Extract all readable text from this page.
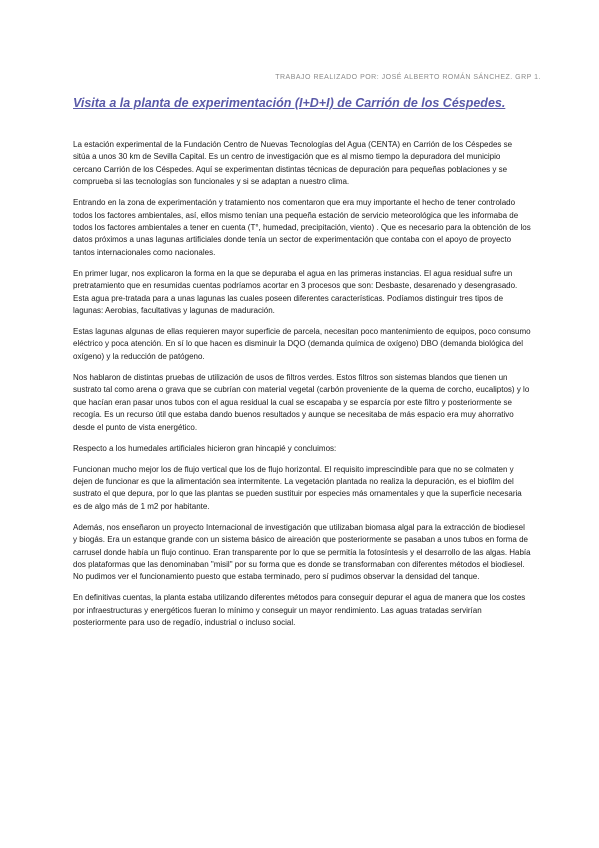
TRABAJO REALIZADO POR: JOSÉ ALBERTO ROMÁN SÁNCHEZ. GRP 1.
Visita a la planta de experimentación (I+D+I) de Carrión de los Céspedes.

La estación experimental de la Fundación Centro de Nuevas Tecnologías del Agua (CENTA) en Carrión de los Céspedes se sitúa a unos 30 km de Sevilla Capital. Es un centro de investigación que es al mismo tiempo la depuradora del municipio cercano Carrión de los Céspedes. Aquí se experimentan distintas técnicas de depuración para pequeñas poblaciones y se comprueba si las tecnologías son funcionales y si se adaptan a nuestro clima.

Entrando en la zona de experimentación y tratamiento nos comentaron que era muy importante el hecho de tener controlado todos los factores ambientales, así, ellos mismo tenían una pequeña estación de servicio meteorológica que les informaba de todos los factores ambientales a tener en cuenta (T°, humedad, precipitación, viento) . Que es necesario para la obtención de los datos próximos a unas lagunas artificiales donde tenía un sector de experimentación que contaba con el apoyo de proyecto tantos internacionales como nacionales.

En primer lugar, nos explicaron la forma en la que se depuraba el agua en las primeras instancias. El agua residual sufre un pretratamiento que en resumidas cuentas podríamos acortar en 3 procesos que son: Desbaste, desarenado y desengrasado. Esta agua pre-tratada para a unas lagunas las cuales poseen diferentes características. Podíamos distinguir tres tipos de lagunas: Aerobias, facultativas y lagunas de maduración.

Estas lagunas algunas de ellas requieren mayor superficie de parcela, necesitan poco mantenimiento de equipos, poco consumo eléctrico y poca atención. En sí lo que hacen es disminuir la DQO (demanda química de oxígeno) DBO (demanda biológica del oxígeno) y la reducción de patógeno.

Nos hablaron de distintas pruebas de utilización de usos de filtros verdes. Estos filtros son sistemas blandos que tienen un sustrato tal como arena o grava que se cubrían con material vegetal (carbón proveniente de la quema de corcho, eucaliptos) y lo que hacían eran pasar unos tubos con el agua residual la cual se escapaba y se esparcía por este filtro y posteriormente se recogía. Es un recurso útil que estaba dando buenos resultados y aunque se necesitaba de más espacio era muy ahorrativo desde el punto de vista energético.

Respecto a los humedales artificiales hicieron gran hincapié y concluimos:

Funcionan mucho mejor los de flujo vertical que los de flujo horizontal. El requisito imprescindible para que no se colmaten y dejen de funcionar es que la alimentación sea intermitente. La vegetación plantada no realiza la depuración, es el biofilm del sustrato el que depura, por lo que las plantas se pueden sustituir por especies más ornamentales y que la superficie necesaria es de algo más de 1 m2 por habitante.

Además, nos enseñaron un proyecto Internacional de investigación que utilizaban biomasa algal para la extracción de biodiesel y biogás. Era un estanque grande con un sistema básico de aireación que posteriormente se pasaban a unos tubos en forma de carrusel donde había un flujo continuo. Eran transparente por lo que se permitía la fotosíntesis y el desarrollo de las algas. Había dos plataformas que las denominaban "misil" por su forma que es donde se transformaban con diferentes métodos el biodiesel. No pudimos ver el funcionamiento puesto que estaba terminado, pero sí pudimos observar la densidad del tanque.

En definitivas cuentas, la planta estaba utilizando diferentes métodos para conseguir depurar el agua de manera que los costes por infraestructuras y energéticos fueran lo mínimo y conseguir un mayor rendimiento. Las aguas tratadas servirían posteriormente para uso de regadío, industrial o incluso social.
